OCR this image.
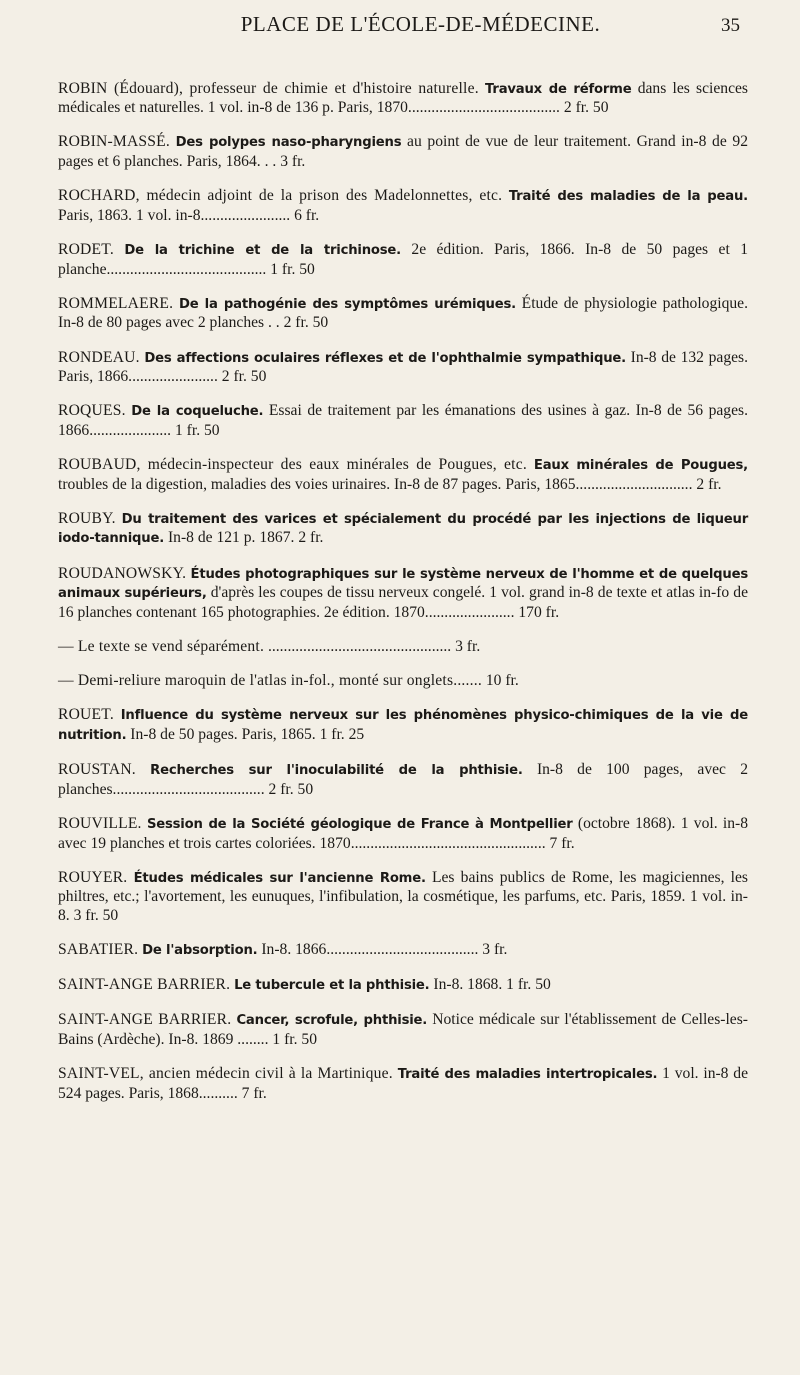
PLACE DE L'ÉCOLE-DE-MÉDECINE.	35

ROBIN (Édouard), professeur de chimie et d'histoire naturelle. Travaux de réforme dans les sciences médicales et naturelles. 1 vol. in-8 de 136 p. Paris, 1870....................................... 2 fr. 50

ROBIN-MASSÉ. Des polypes naso-pharyngiens au point de vue de leur traitement. Grand in-8 de 92 pages et 6 planches. Paris, 1864. . . 3 fr.

ROCHARD, médecin adjoint de la prison des Madelonnettes, etc. Traité des maladies de la peau. Paris, 1863. 1 vol. in-8....................... 6 fr.

RODET. De la trichine et de la trichinose. 2e édition. Paris, 1866. In-8 de 50 pages et 1 planche......................................... 1 fr. 50

ROMMELAERE. De la pathogénie des symptômes urémiques. Étude de physiologie pathologique. In-8 de 80 pages avec 2 planches . . 2 fr. 50

RONDEAU. Des affections oculaires réflexes et de l'ophthalmie sympathique. In-8 de 132 pages. Paris, 1866....................... 2 fr. 50

ROQUES. De la coqueluche. Essai de traitement par les émanations des usines à gaz. In-8 de 56 pages. 1866..................... 1 fr. 50

ROUBAUD, médecin-inspecteur des eaux minérales de Pougues, etc. Eaux minérales de Pougues, troubles de la digestion, maladies des voies urinaires. In-8 de 87 pages. Paris, 1865.............................. 2 fr.

ROUBY. Du traitement des varices et spécialement du procédé par les injections de liqueur iodo-tannique. In-8 de 121 p. 1867. 2 fr.

ROUDANOWSKY. Études photographiques sur le système nerveux de l'homme et de quelques animaux supérieurs, d'après les coupes de tissu nerveux congelé. 1 vol. grand in-8 de texte et atlas in-fo de 16 planches contenant 165 photographies. 2e édition. 1870....................... 170 fr.

— Le texte se vend séparément. ............................................... 3 fr.

— Demi-reliure maroquin de l'atlas in-fol., monté sur onglets....... 10 fr.

ROUET. Influence du système nerveux sur les phénomènes physico-chimiques de la vie de nutrition. In-8 de 50 pages. Paris, 1865. 1 fr. 25

ROUSTAN. Recherches sur l'inoculabilité de la phthisie. In-8 de 100 pages, avec 2 planches....................................... 2 fr. 50

ROUVILLE. Session de la Société géologique de France à Montpellier (octobre 1868). 1 vol. in-8 avec 19 planches et trois cartes coloriées. 1870.................................................. 7 fr.

ROUYER. Études médicales sur l'ancienne Rome. Les bains publics de Rome, les magiciennes, les philtres, etc.; l'avortement, les eunuques, l'infibulation, la cosmétique, les parfums, etc. Paris, 1859. 1 vol. in-8. 3 fr. 50

SABATIER. De l'absorption. In-8. 1866....................................... 3 fr.

SAINT-ANGE BARRIER. Le tubercule et la phthisie. In-8. 1868. 1 fr. 50

SAINT-ANGE BARRIER. Cancer, scrofule, phthisie. Notice médicale sur l'établissement de Celles-les-Bains (Ardèche). In-8. 1869 ........ 1 fr. 50

SAINT-VEL, ancien médecin civil à la Martinique. Traité des maladies intertropicales. 1 vol. in-8 de 524 pages. Paris, 1868.......... 7 fr.
